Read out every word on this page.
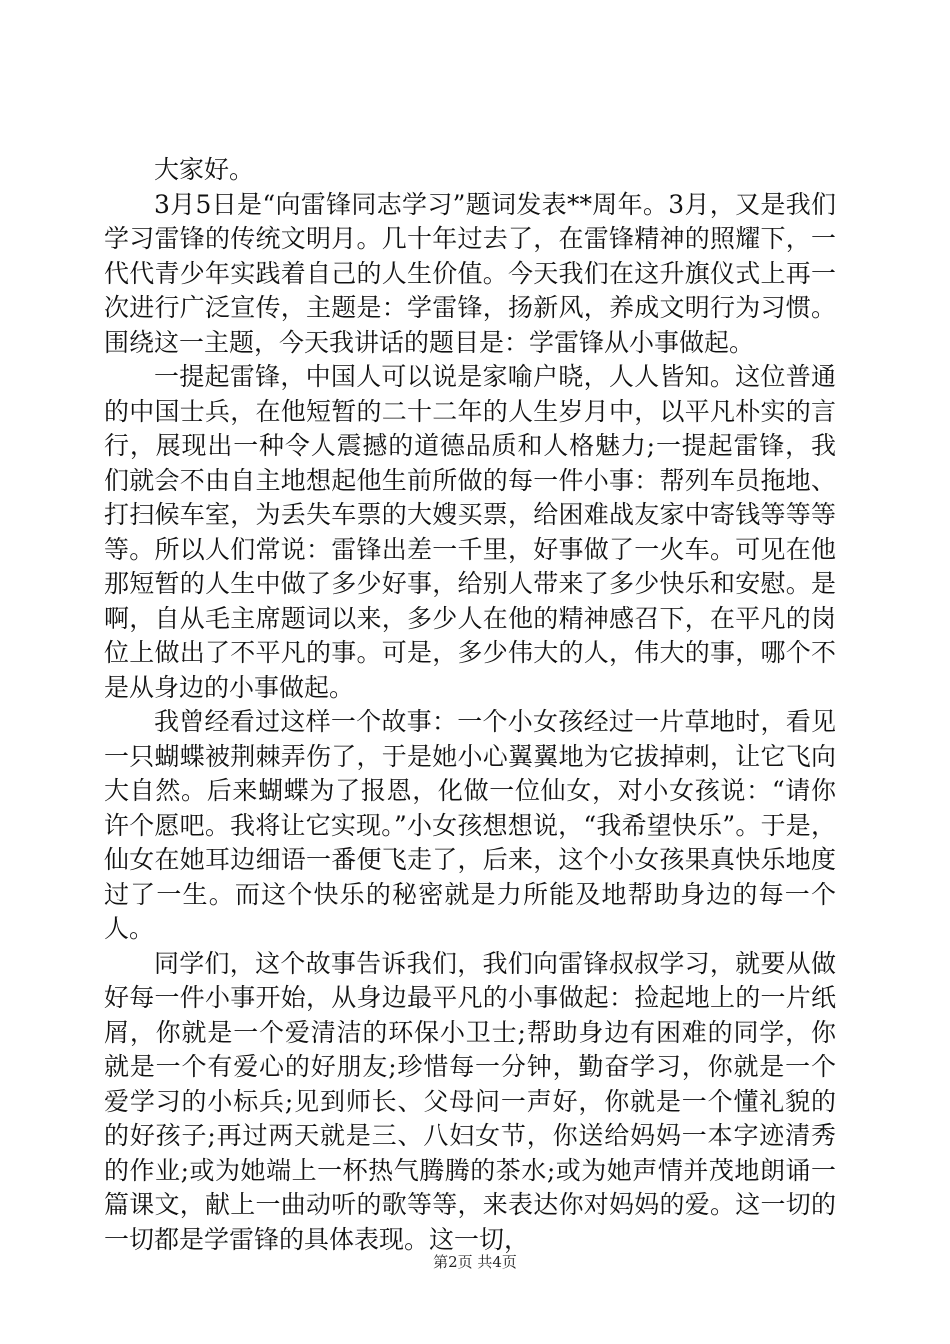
大家好。

3月5日是“向雷锋同志学习”题词发表**周年。3月，又是我们学习雷锋的传统文明月。几十年过去了，在雷锋精神的照耀下，一代代青少年实践着自己的人生价值。今天我们在这升旗仪式上再一次进行广泛宣传，主题是：学雷锋，扬新风，养成文明行为习惯。围绕这一主题，今天我讲话的题目是：学雷锋从小事做起。

一提起雷锋，中国人可以说是家喻户晓，人人皆知。这位普通的中国士兵，在他短暂的二十二年的人生岁月中，以平凡朴实的言行，展现出一种令人震撼的道德品质和人格魅力;一提起雷锋，我们就会不由自主地想起他生前所做的每一件小事：帮列车员拖地、打扫候车室，为丢失车票的大嫂买票，给困难战友家中寄钱等等等等。所以人们常说：雷锋出差一千里，好事做了一火车。可见在他那短暂的人生中做了多少好事，给别人带来了多少快乐和安慰。是啊，自从毛主席题词以来，多少人在他的精神感召下，在平凡的岗位上做出了不平凡的事。可是，多少伟大的人，伟大的事，哪个不是从身边的小事做起。

我曾经看过这样一个故事：一个小女孩经过一片草地时，看见一只蝴蝶被荆棘弄伤了，于是她小心翼翼地为它拔掉刺，让它飞向大自然。后来蝴蝶为了报恩，化做一位仙女，对小女孩说：“请你许个愿吧。我将让它实现。”小女孩想想说，“我希望快乐”。于是，仙女在她耳边细语一番便飞走了，后来，这个小女孩果真快乐地度过了一生。而这个快乐的秘密就是力所能及地帮助身边的每一个人。

同学们，这个故事告诉我们，我们向雷锋叔叔学习，就要从做好每一件小事开始，从身边最平凡的小事做起：捡起地上的一片纸屑，你就是一个爱清洁的环保小卫士;帮助身边有困难的同学，你就是一个有爱心的好朋友;珍惜每一分钟，勤奋学习，你就是一个爱学习的小标兵;见到师长、父母问一声好，你就是一个懂礼貌的的好孩子;再过两天就是三、八妇女节，你送给妈妈一本字迹清秀的作业;或为她端上一杯热气腾腾的茶水;或为她声情并茂地朗诵一篇课文，献上一曲动听的歌等等，来表达你对妈妈的爱。这一切的一切都是学雷锋的具体表现。这一切，

第2页 共4页
